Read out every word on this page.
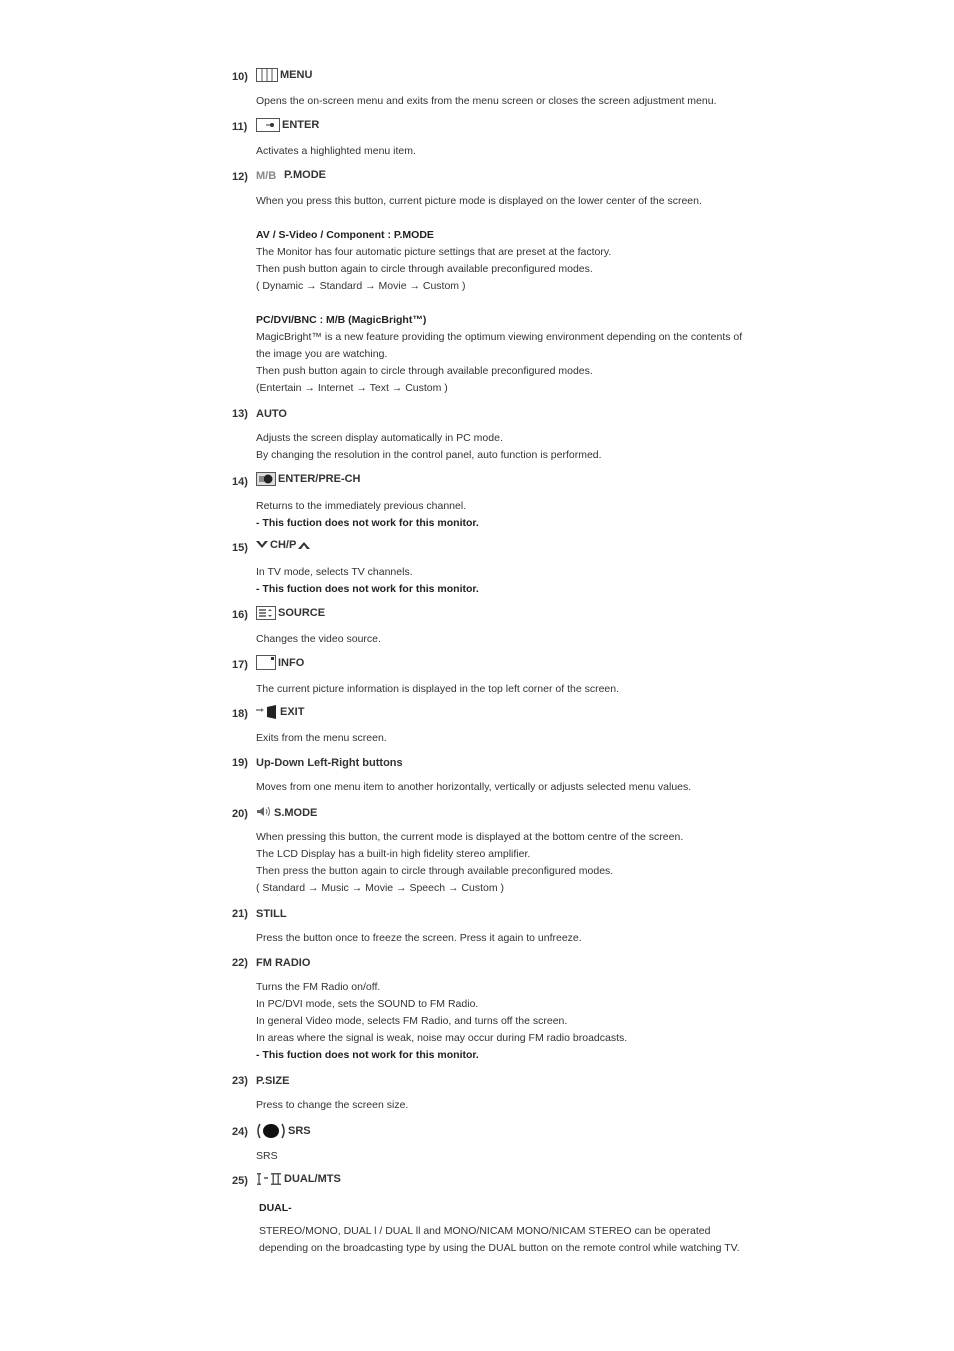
10)	MENU

Opens the on-screen menu and exits from the menu screen or closes the screen adjustment menu.

11)	ENTER

Activates a highlighted menu item.

12) M/B P.MODE

When you press this button, current picture mode is displayed on the lower center of the screen.

AV / S-Video / Component : P.MODE

The Monitor has four automatic picture settings that are preset at the factory.

Then push button again to circle through available preconfigured modes.

( Dynamic → Standard → Movie → Custom )

PC/DVI/BNC : M/B (MagicBright™)

MagicBright™ is a new feature providing the optimum viewing environment depending on the contents of

the image you are watching.

Then push button again to circle through available preconfigured modes.

(Entertain → Internet → Text → Custom )

13) AUTO

Adjusts the screen display automatically in PC mode.

By changing the resolution in the control panel, auto function is performed.

14)	ENTER/PRE-CH

Returns to the immediately previous channel.

- This fuction does not work for this monitor.

15) CH/P

In TV mode, selects TV channels.

- This fuction does not work for this monitor.

16)	SOURCE

Changes the video source.

17)	INFO

The current picture information is displayed in the top left corner of the screen.

18)	EXIT

Exits from the menu screen.

19) Up-Down Left-Right buttons

Moves from one menu item to another horizontally, vertically or adjusts selected menu values.

20) S.MODE

When pressing this button, the current mode is displayed at the bottom centre of the screen.

The LCD Display has a built-in high fidelity stereo amplifier.

Then press the button again to circle through available preconfigured modes.

( Standard → Music → Movie → Speech → Custom )

21) STILL

Press the button once to freeze the screen. Press it again to unfreeze.

22) FM RADIO

Turns the FM Radio on/off.

In PC/DVI mode, sets the SOUND to FM Radio.

In general Video mode, selects FM Radio, and turns off the screen.

In areas where the signal is weak, noise may occur during FM radio broadcasts.

- This fuction does not work for this monitor.

23) P.SIZE

Press to change the screen size.

24)	SRS

SRS

25)	DUAL/MTS

DUAL-

STEREO/MONO, DUAL l / DUAL ll and MONO/NICAM MONO/NICAM STEREO can be operated

depending on the broadcasting type by using the DUAL button on the remote control while watching TV.
